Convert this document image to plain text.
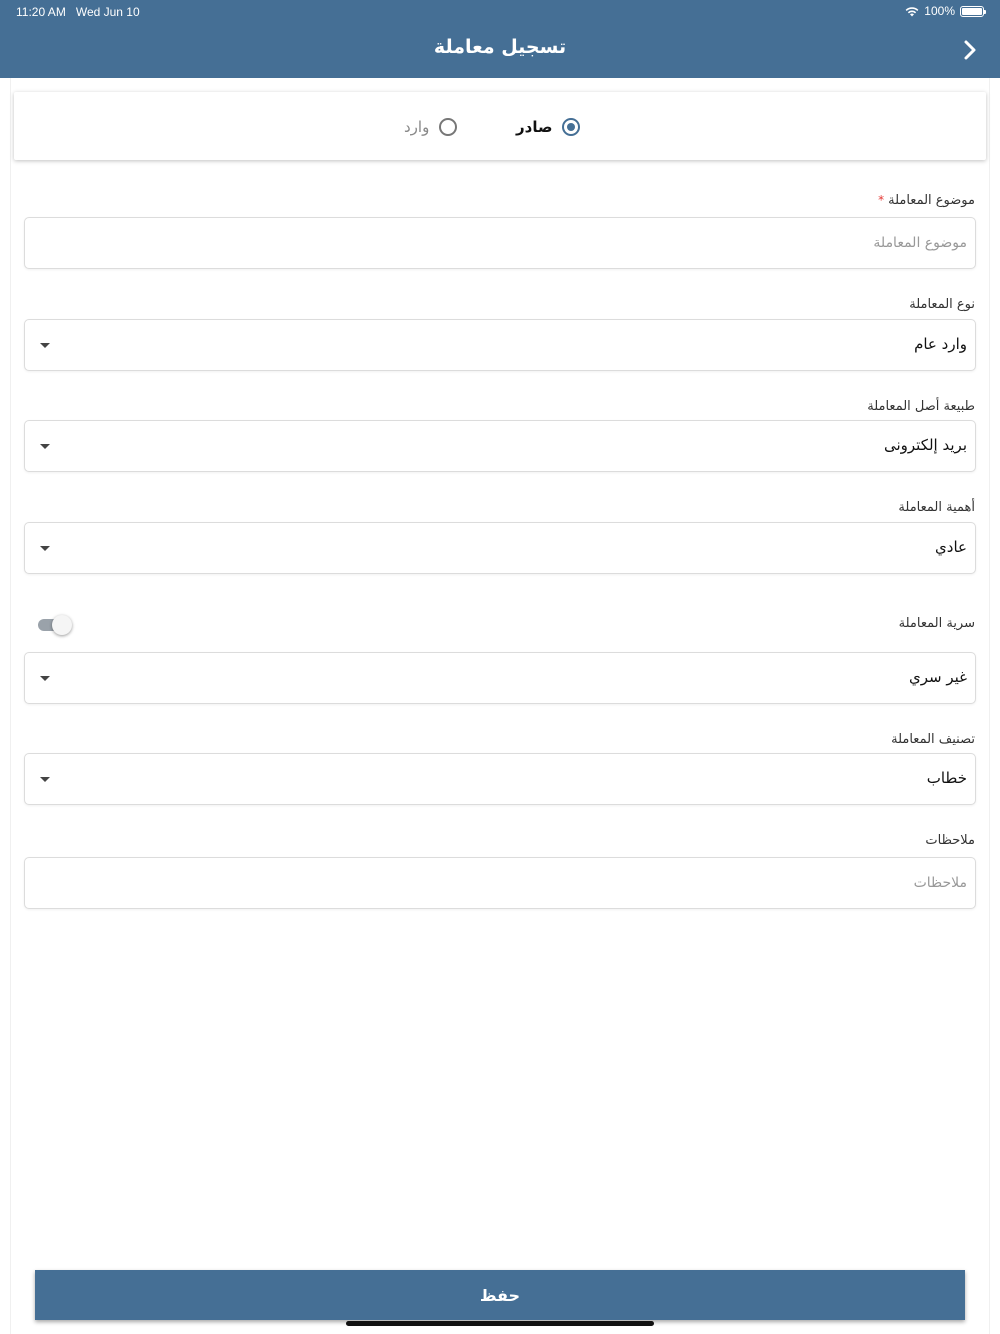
11:20 AM Wed Jun 10	100%
تسجيل معاملة
صادر
وارد
موضوع المعاملة*
موضوع المعاملة
نوع المعاملة
وارد عام
طبيعة أصل المعاملة
بريد إلكترونى
أهمية المعاملة
عادي
سرية المعاملة
غير سري
تصنيف المعاملة
خطاب
ملاحظات
ملاحظات
حفظ
